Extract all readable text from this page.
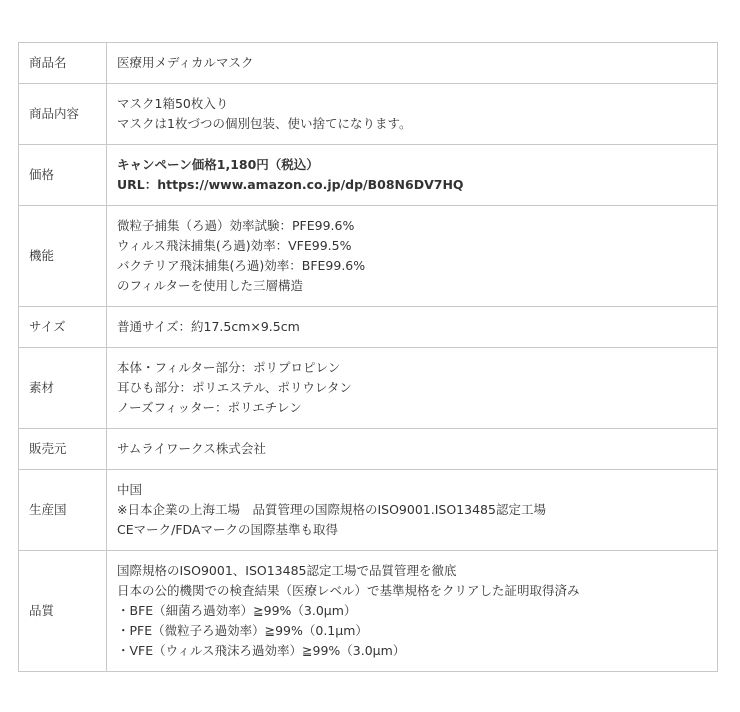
商品名	医療用メディカルマスク

商品内容	マスク1箱50枚入り
マスクは1枚づつの個別包装、使い捨てになります。

価格	キャンペーン価格1,180円（税込）
URL：https://www.amazon.co.jp/dp/B08N6DV7HQ

機能	微粒子捕集（ろ過）効率試験：PFE99.6%
ウィルス飛沫捕集(ろ過)効率：VFE99.5%
バクテリア飛沫捕集(ろ過)効率：BFE99.6%
のフィルターを使用した三層構造

サイズ	普通サイズ：約17.5cm×9.5cm

素材	本体・フィルター部分：ポリプロピレン
耳ひも部分：ポリエステル、ポリウレタン
ノーズフィッター：ポリエチレン

販売元	サムライワークス株式会社

生産国	中国
※日本企業の上海工場　品質管理の国際規格のISO9001.ISO13485認定工場
CEマーク/FDAマークの国際基準も取得

品質	国際規格のISO9001、ISO13485認定工場で品質管理を徹底
日本の公的機関での検査結果（医療レベル）で基準規格をクリアした証明取得済み
・BFE（細菌ろ過効率）≧99%（3.0μm）
・PFE（微粒子ろ過効率）≧99%（0.1μm）
・VFE（ウィルス飛沫ろ過効率）≧99%（3.0μm）
